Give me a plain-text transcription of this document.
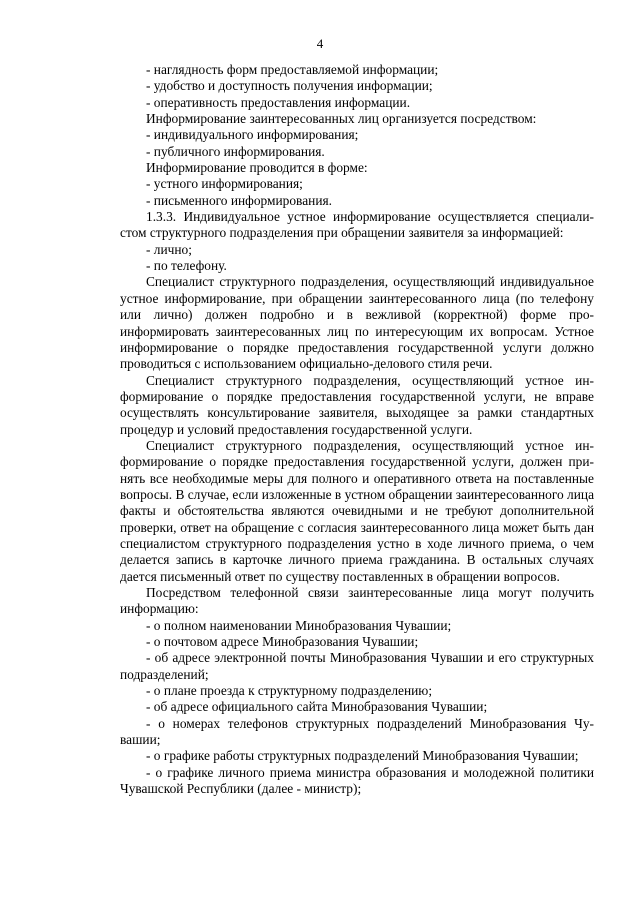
4

- наглядность форм предоставляемой информации;

- удобство и доступность получения информации;

- оперативность предоставления информации.

Информирование заинтересованных лиц организуется посредством:

- индивидуального информирования;

- публичного информирования.

Информирование проводится в форме:

- устного информирования;

- письменного информирования.

1.3.3. Индивидуальное устное информирование осуществляется специалистом структурного подразделения при обращении заявителя за информацией:

- лично;

- по телефону.

Специалист структурного подразделения, осуществляющий индивидуальное устное информирование, при обращении заинтересованного лица (по телефону или лично) должен подробно и в вежливой (корректной) форме проинформировать заинтересованных лиц по интересующим их вопросам. Устное информирование о порядке предоставления государственной услуги должно проводиться с использованием официально-делового стиля речи.

Специалист структурного подразделения, осуществляющий устное информирование о порядке предоставления государственной услуги, не вправе осуществлять консультирование заявителя, выходящее за рамки стандартных процедур и условий предоставления государственной услуги.

Специалист структурного подразделения, осуществляющий устное информирование о порядке предоставления государственной услуги, должен принять все необходимые меры для полного и оперативного ответа на поставленные вопросы. В случае, если изложенные в устном обращении заинтересованного лица факты и обстоятельства являются очевидными и не требуют дополнительной проверки, ответ на обращение с согласия заинтересованного лица может быть дан специалистом структурного подразделения устно в ходе личного приема, о чем делается запись в карточке личного приема гражданина. В остальных случаях дается письменный ответ по существу поставленных в обращении вопросов.

Посредством телефонной связи заинтересованные лица могут получить информацию:

- о полном наименовании Минобразования Чувашии;

- о почтовом адресе Минобразования Чувашии;

- об адресе электронной почты Минобразования Чувашии и его структурных подразделений;

- о плане проезда к структурному подразделению;

- об адресе официального сайта Минобразования Чувашии;

- о номерах телефонов структурных подразделений Минобразования Чувашии;

- о графике работы структурных подразделений Минобразования Чувашии;

- о графике личного приема министра образования и молодежной политики Чувашской Республики (далее - министр);
